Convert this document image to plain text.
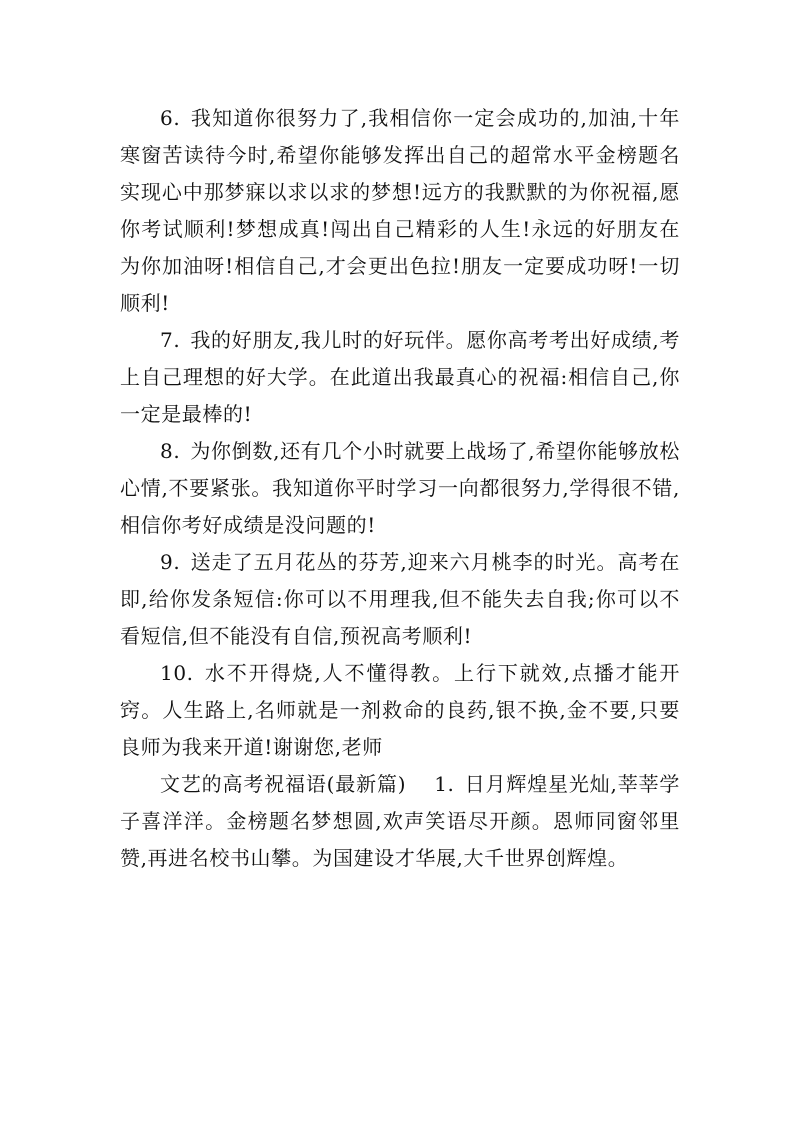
6. 我知道你很努力了,我相信你一定会成功的,加油,十年寒窗苦读待今时,希望你能够发挥出自己的超常水平金榜题名实现心中那梦寐以求以求的梦想!远方的我默默的为你祝福,愿你考试顺利!梦想成真!闯出自己精彩的人生!永远的好朋友在为你加油呀!相信自己,才会更出色拉!朋友一定要成功呀!一切顺利!

7. 我的好朋友,我儿时的好玩伴。愿你高考考出好成绩,考上自己理想的好大学。在此道出我最真心的祝福:相信自己,你一定是最棒的!

8. 为你倒数,还有几个小时就要上战场了,希望你能够放松心情,不要紧张。我知道你平时学习一向都很努力,学得很不错,相信你考好成绩是没问题的!

9. 送走了五月花丛的芬芳,迎来六月桃李的时光。高考在即,给你发条短信:你可以不用理我,但不能失去自我;你可以不看短信,但不能没有自信,预祝高考顺利!

10. 水不开得烧,人不懂得教。上行下就效,点播才能开窍。人生路上,名师就是一剂救命的良药,银不换,金不要,只要良师为我来开道!谢谢您,老师

文艺的高考祝福语(最新篇) 1. 日月辉煌星光灿,莘莘学子喜洋洋。金榜题名梦想圆,欢声笑语尽开颜。恩师同窗邻里赞,再进名校书山攀。为国建设才华展,大千世界创辉煌。
